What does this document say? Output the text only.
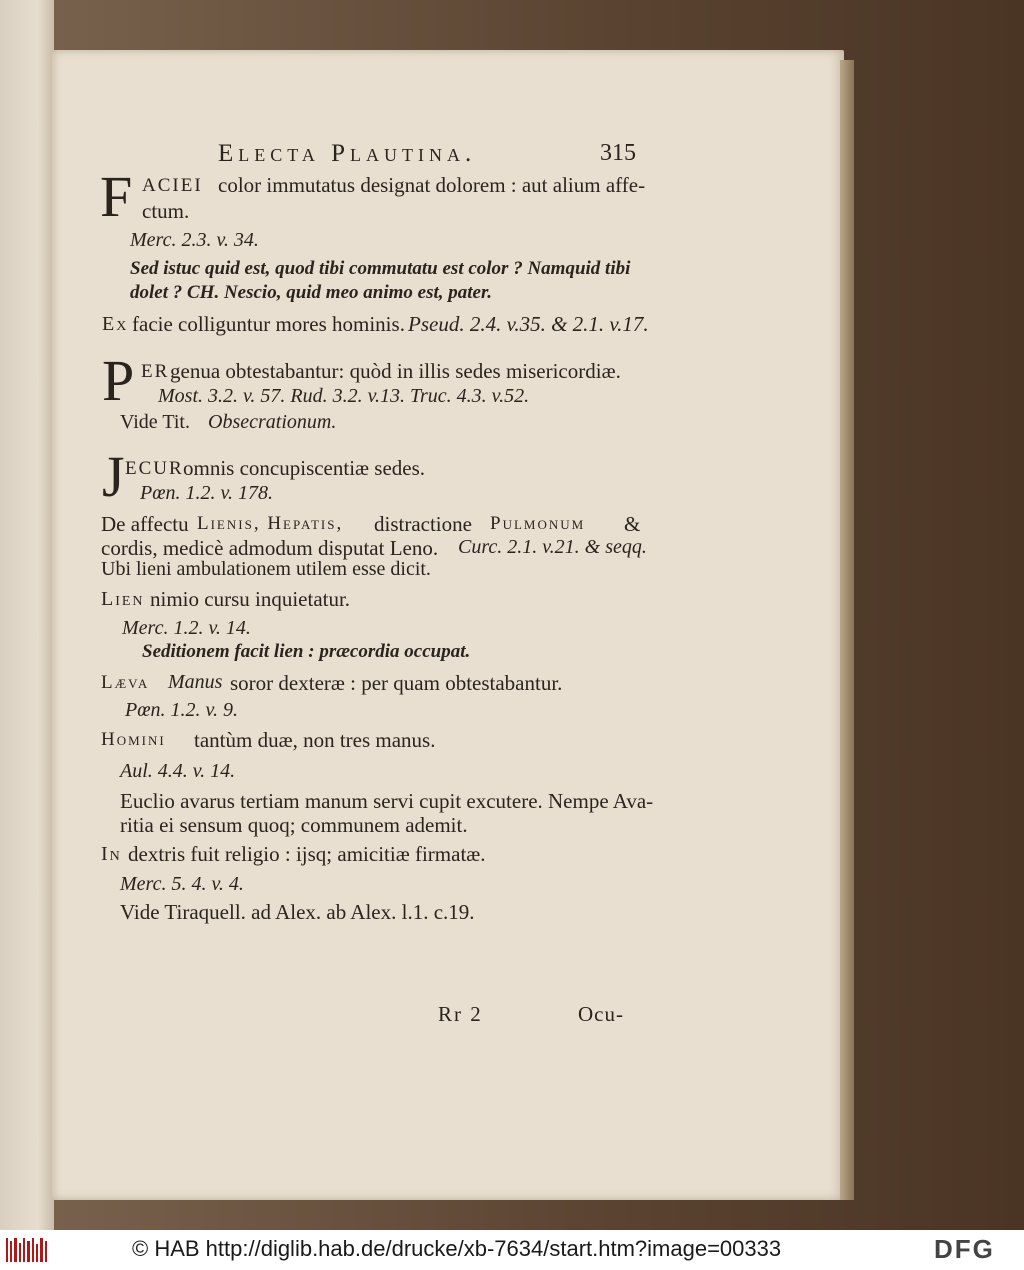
Electa Plautina.	315
F ACIEI color immutatus designat dolorem : aut alium affe-
ctum.
Merc. 2.3. v. 34.
Sed istuc quid est, quod tibi commutatu est color ? Namquid tibi
dolet ? CH. Nescio, quid meo animo est, pater.
Ex facie colliguntur mores hominis. Pseud. 2.4. v.35. & 2.1. v.17.
P ER genua obtestabantur: quòd in illis sedes misericordiæ.
Most. 3.2. v. 57. Rud. 3.2. v.13. Truc. 4.3. v.52.
Vide Tit. Obsecrationum.
J ECUR omnis concupiscentiæ sedes.
Pœn. 1.2. v. 178.
De affectu Lienis, Hepatis, distractione Pulmonum &
cordis, medicè admodum disputat Leno. Curc. 2.1. v.21. & seqq.
Ubi lieni ambulationem utilem esse dicit.
Lien nimio cursu inquietatur.
Merc. 1.2. v. 14.
Seditionem facit lien : præcordia occupat.
Læva Manus soror dexteræ : per quam obtestabantur.
Pœn. 1.2. v. 9.
Homini tantùm duæ, non tres manus.
Aul. 4.4. v. 14.
Euclio avarus tertiam manum servi cupit excutere. Nempe Ava-
ritia ei sensum quoq; communem ademit.
In dextris fuit religio : ijsq; amicitiæ firmatæ.
Merc. 5. 4. v. 4.
Vide Tiraquell. ad Alex. ab Alex. l.1. c.19.
Rr 2	Ocu-
© HAB http://diglib.hab.de/drucke/xb-7634/start.htm?image=00333	DFG
